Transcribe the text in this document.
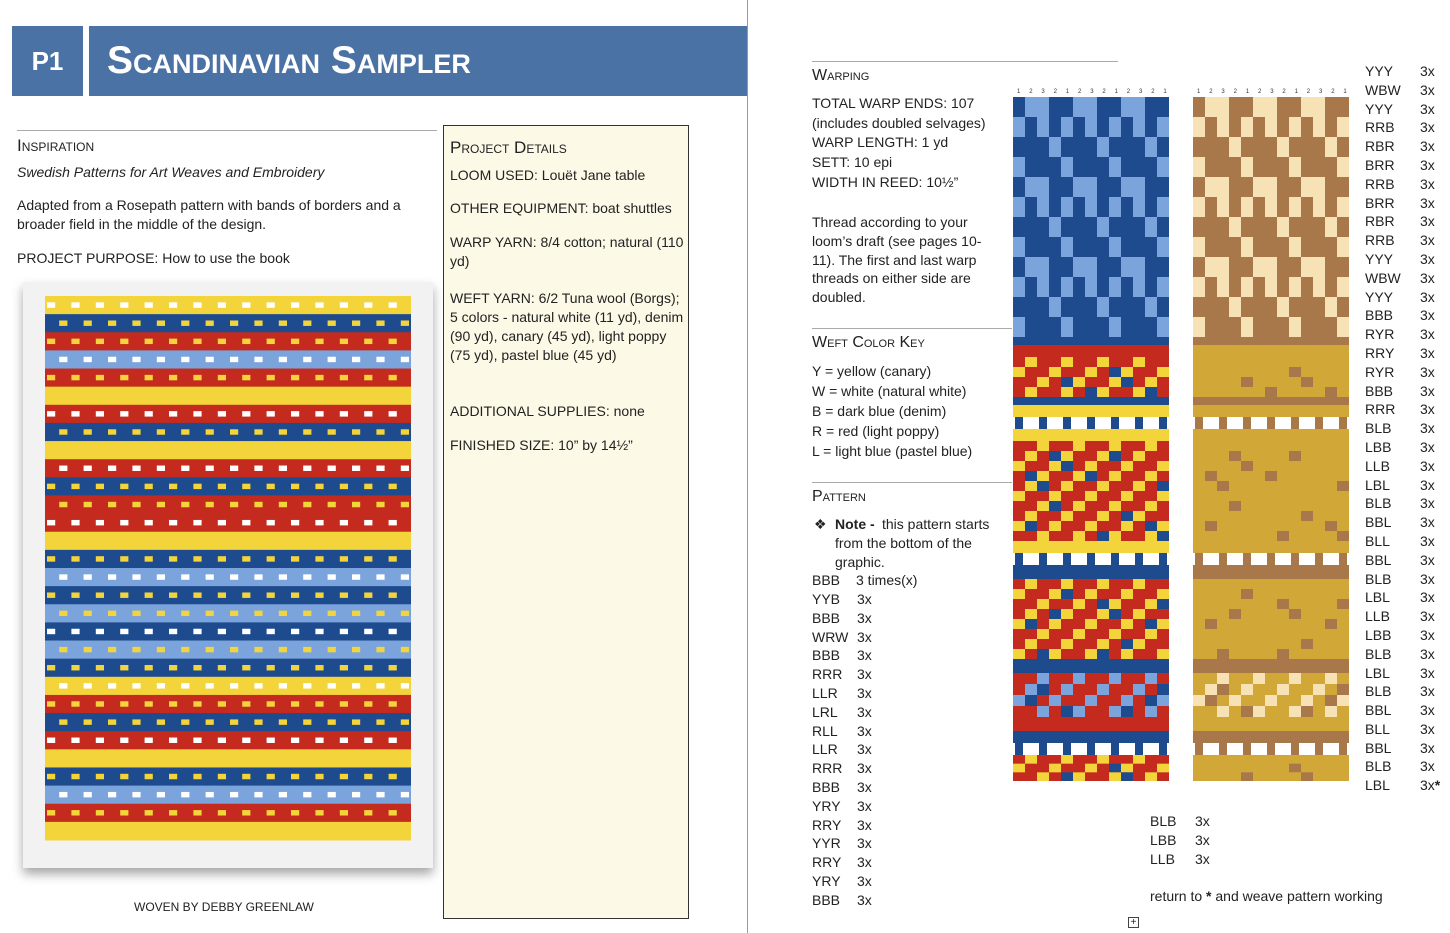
P1	Scandinavian Sampler
Inspiration
Swedish Patterns for Art Weaves and Embroidery
Adapted from a Rosepath pattern with bands of borders and a broader field in the middle of the design.
PROJECT PURPOSE: How to use the book
WOVEN BY DEBBY GREENLAW
Project Details
LOOM USED: Louët Jane table
OTHER EQUIPMENT: boat shuttles
WARP YARN: 8/4 cotton; natural (110 yd)
WEFT YARN: 6/2 Tuna wool (Borgs); 5 colors - natural white (11 yd), denim (90 yd), canary (45 yd), light poppy (75 yd), pastel blue (45 yd)
ADDITIONAL SUPPLIES: none
FINISHED SIZE: 10” by 14½”
Warping
TOTAL WARP ENDS: 107
(includes doubled selvages)
WARP LENGTH: 1 yd
SETT: 10 epi
WIDTH IN REED: 10½”
Thread according to your loom’s draft (see pages 10-11). The first and last warp threads on either side are doubled.
Weft Color Key
Y = yellow (canary)
W = white (natural white)
B = dark blue (denim)
R = red (light poppy)
L = light blue (pastel blue)
Pattern
❖ Note - this pattern starts from the bottom of the graphic.
BBB 3 times(x)
YYB
BBB
WRW
BBB
RRR
LLR
LRL
RLL
LLR
RRR
BBB
YRY
RRY
YYR
RRY
YRY
BBB
3x
3x
3x
3x
3x
3x
3x
3x
3x
3x
3x
3x
3x
3x
3x
3x
3x
YYY
WBW
YYY
RRB
RBR
BRR
RRB
BRR
RBR
RRB
YYY
WBW
YYY
BBB
RYR
RRY
RYR
BBB
RRR
BLB
LBB
LLB
LBL
BLB
BBL
BLL
BBL
BLB
LBL
LLB
LBB
BLB
LBL
BLB
BBL
BLL
BBL
BLB
LBL
3x
3x
3x
3x
3x
3x
3x
3x
3x
3x
3x
3x
3x
3x
3x
3x
3x
3x
3x
3x
3x
3x
3x
3x
3x
3x
3x
3x
3x
3x
3x
3x
3x
3x
3x
3x
3x
3x
3x*
BLB
LBB
LLB
3x
3x
3x
return to * and weave pattern working
1 2 3 2 1 2 3 2 1 2 3 2 1	1 2 3 2 1 2 3 2 1 2 3 2 1
+
